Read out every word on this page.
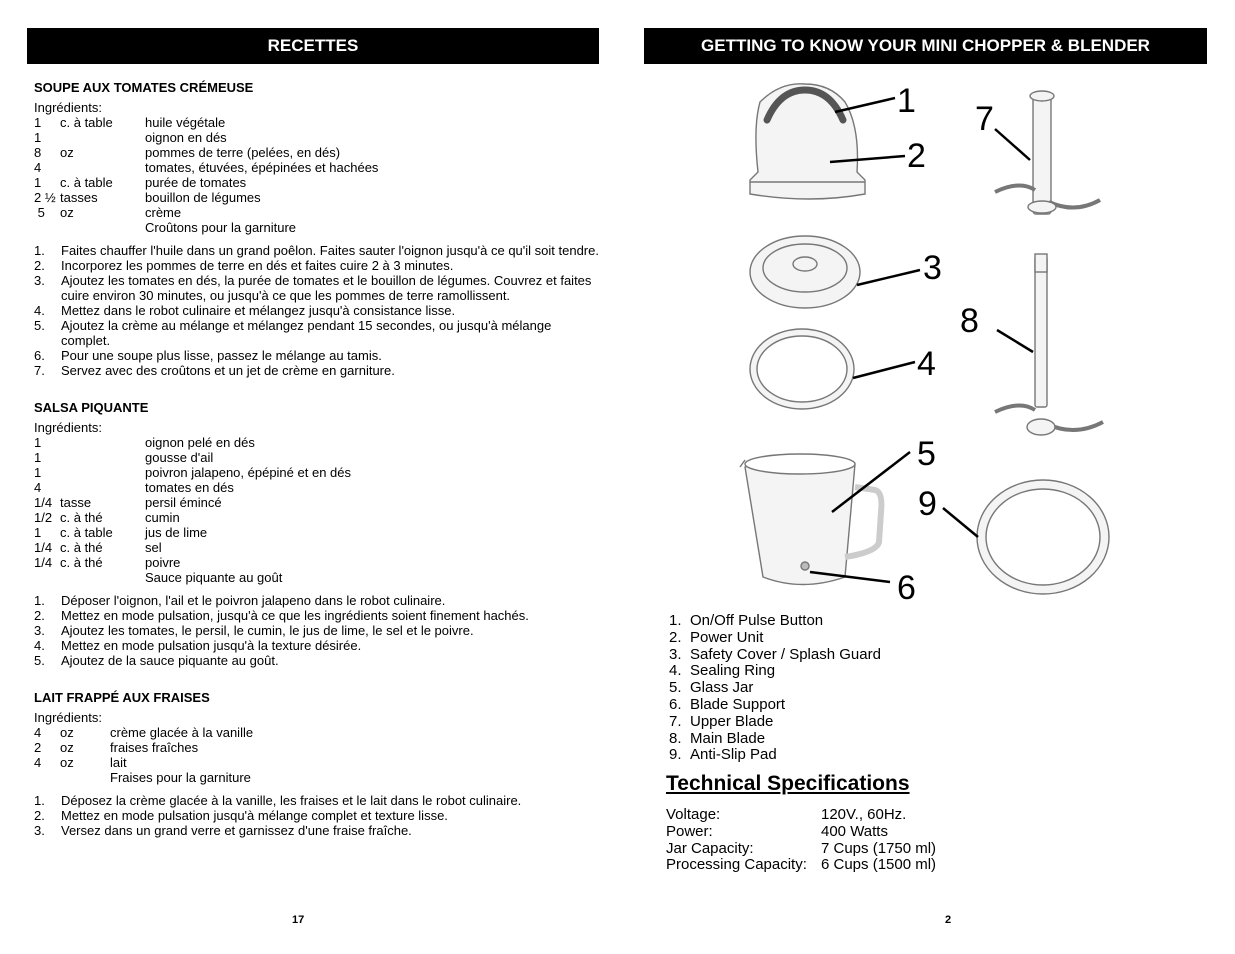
RECETTES	GETTING TO KNOW YOUR MINI CHOPPER & BLENDER

SOUPE AUX TOMATES CRÉMEUSE

Ingrédients:
1	c. à table	huile végétale
1	oignon en dés
8	oz	pommes de terre (pelées, en dés)
4	tomates, étuvées, épépinées et hachées
1	c. à table	purée de tomates
2 ½ tasses	bouillon de légumes
5	oz	crème
Croûtons pour la garniture
1.	Faites chauffer l'huile dans un grand poêlon. Faites sauter l'oignon jusqu'à ce qu'il soit tendre.
2.	Incorporez les pommes de terre en dés et faites cuire 2 à 3 minutes.
3.	Ajoutez les tomates en dés, la purée de tomates et le bouillon de légumes. Couvrez et faites cuire environ 30 minutes, ou jusqu'à ce que les pommes de terre ramollissent.
4.	Mettez dans le robot culinaire et mélangez jusqu'à consistance lisse.
5.	Ajoutez la crème au mélange et mélangez pendant 15 secondes, ou jusqu'à mélange complet.
6.	Pour une soupe plus lisse, passez le mélange au tamis.
7.	Servez avec des croûtons et un jet de crème en garniture.

SALSA PIQUANTE

Ingrédients:
1	oignon pelé en dés
1	gousse d'ail
1	poivron jalapeno, épépiné et en dés
4	tomates en dés
1/4 tasse	persil émincé
1/2 c. à thé	cumin
1	c. à table	jus de lime
1/4 c. à thé	sel
1/4 c. à thé	poivre
Sauce piquante au goût
1.	Déposer l'oignon, l'ail et le poivron jalapeno dans le robot culinaire.
2.	Mettez en mode pulsation, jusqu'à ce que les ingrédients soient finement hachés.
3.	Ajoutez les tomates, le persil, le cumin, le jus de lime, le sel et le poivre.
4.	Mettez en mode pulsation jusqu'à la texture désirée.
5.	Ajoutez de la sauce piquante au goût.

LAIT FRAPPÉ AUX FRAISES

Ingrédients:
4	oz	crème glacée à la vanille
2	oz	fraises fraîches
4	oz	lait
Fraises pour la garniture
1.	Déposez la crème glacée à la vanille, les fraises et le lait dans le robot culinaire.
2.	Mettez en mode pulsation jusqu'à mélange complet et texture lisse.
3.	Versez dans un grand verre et garnissez d'une fraise fraîche.
17	2
1
2
3
4
5
6
7
8
9
1. On/Off Pulse Button
2. Power Unit
3. Safety Cover / Splash Guard
4. Sealing Ring
5. Glass Jar
6. Blade Support
7. Upper Blade
8. Main Blade
9. Anti-Slip Pad
Technical Specifications
Voltage:	120V., 60Hz.
Power:	400 Watts
Jar Capacity:	7 Cups (1750 ml)
Processing Capacity: 6 Cups (1500 ml)
